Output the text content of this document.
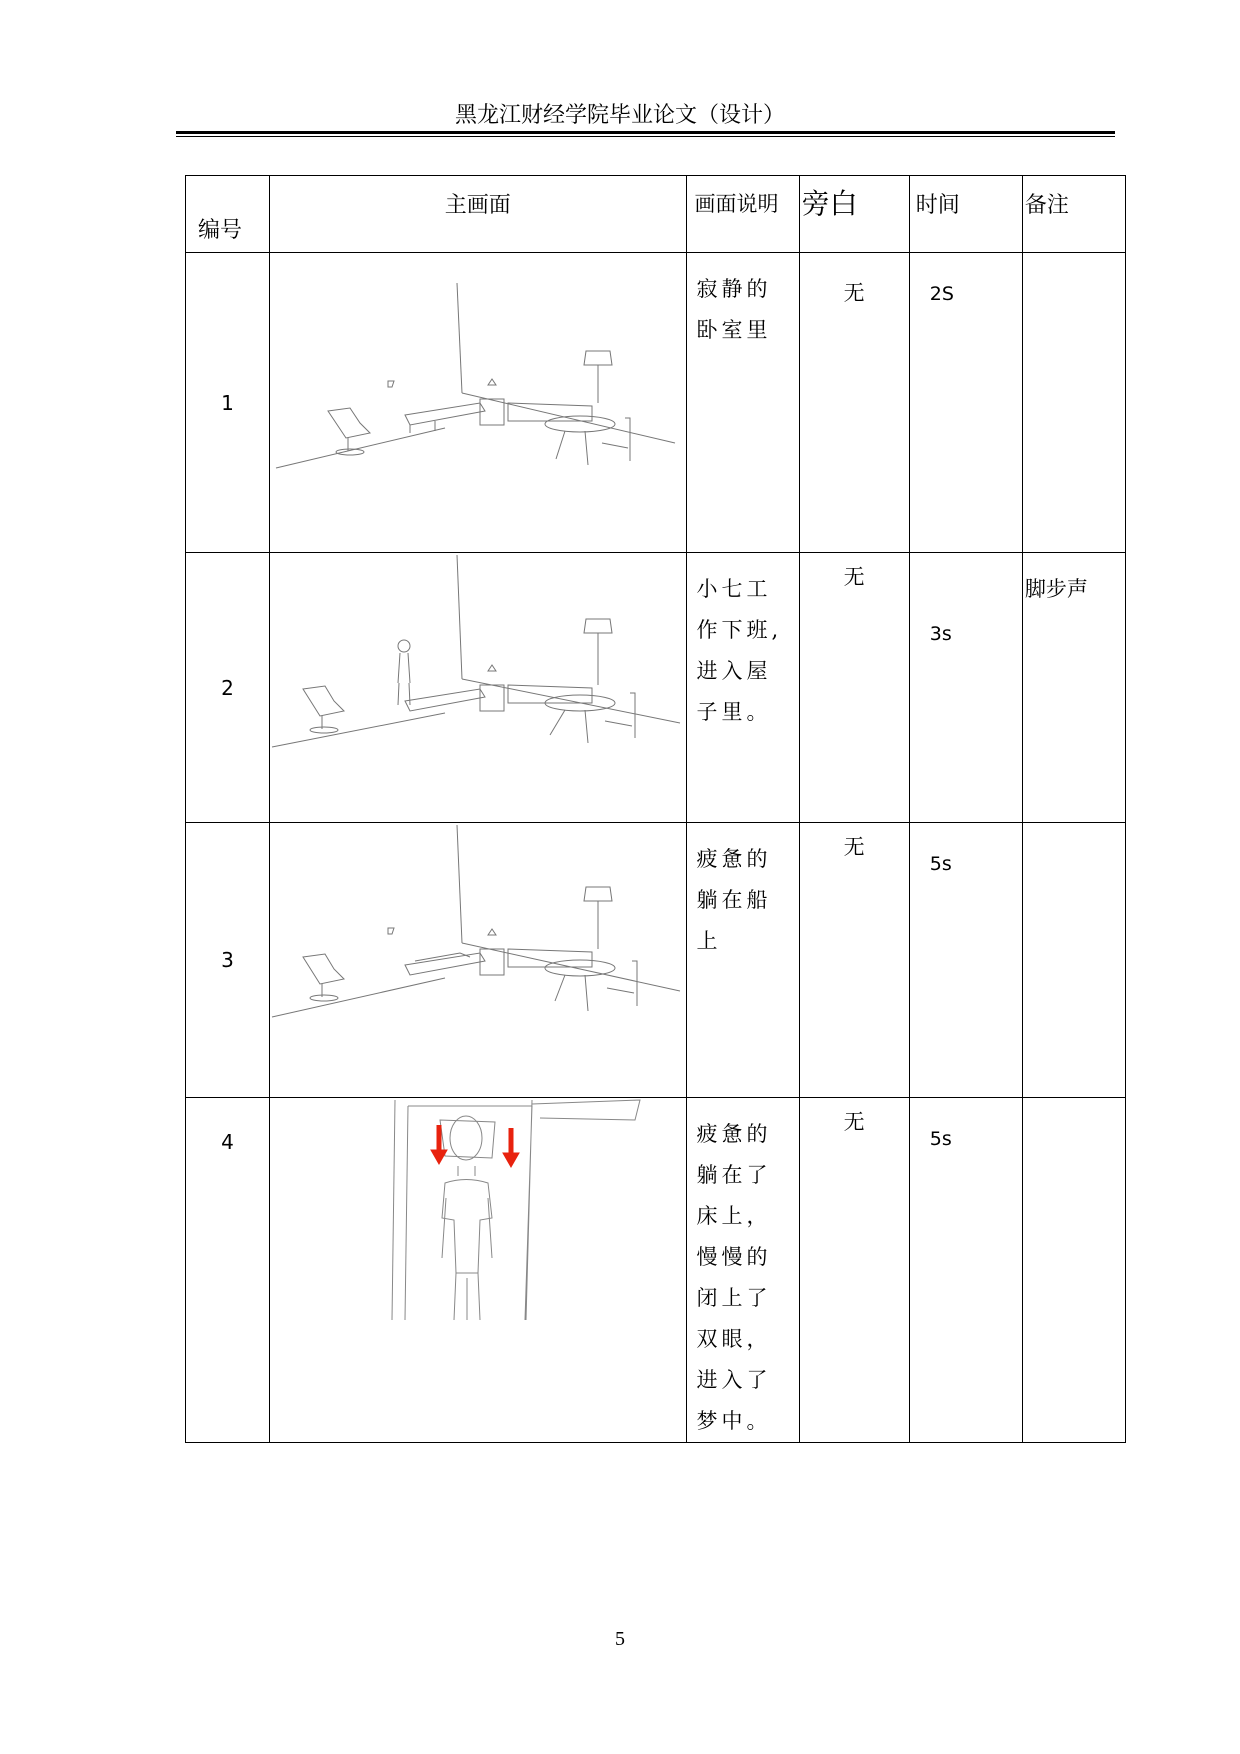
黑龙江财经学院毕业论文（设计）
编号	主画面	画面说明	旁白	时间	备注
1		寂静的卧室里	无	2S	
2		小七工作下班,进入屋子里。	无	3s	脚步声
3		疲惫的躺在船上	无	5s	
4		疲惫的躺在了床上，慢慢的闭上了双眼，进入了梦中。	无	5s	
5
